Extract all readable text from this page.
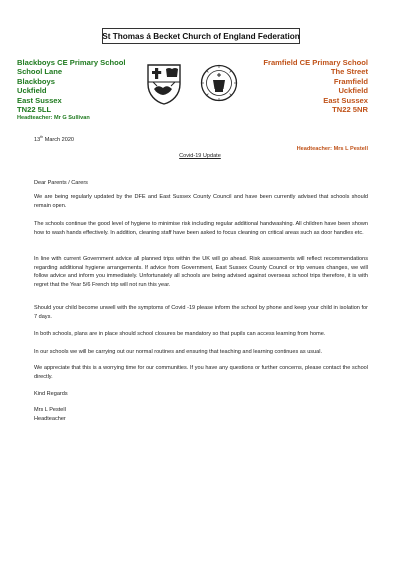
St Thomas á Becket Church of England Federation
Blackboys CE Primary School
School Lane
Blackboys
Uckfield
East Sussex
TN22 5LL
Headteacher: Mr G Sullivan
Framfield CE Primary School
The Street
Framfield
Uckfield
East Sussex
TN22 5NR
Headteacher: Mrs L Pestell
13th March 2020
Covid-19 Update
Dear Parents / Carers
We are being regularly updated by the DFE and East Sussex County Council and have been currently advised that schools should remain open.
The schools continue the good level of hygiene to minimise risk including regular additional handwashing. All children have been shown how to wash hands effectively. In addition, cleaning staff have been asked to focus cleaning on critical areas such as door handles etc.
In line with current Government advice all planned trips within the UK will go ahead. Risk assessments will reflect recommendations regarding additional hygiene arrangements. If advice from Government, East Sussex County Council or trip venues changes, we will follow advice and inform you immediately. Unfortunately all schools are being advised against overseas school trips therefore, it is with regret that the Year 5/6 French trip will not run this year.
Should your child become unwell with the symptoms of Covid -19 please inform the school by phone and keep your child in isolation for 7 days.
In both schools, plans are in place should school closures be mandatory so that pupils can access learning from home.
In our schools we will be carrying out our normal routines and ensuring that teaching and learning continues as usual.
We appreciate that this is a worrying time for our communities. If you have any questions or further concerns, please contact the school directly.
Kind Regards
Mrs L Pestell
Headteacher
